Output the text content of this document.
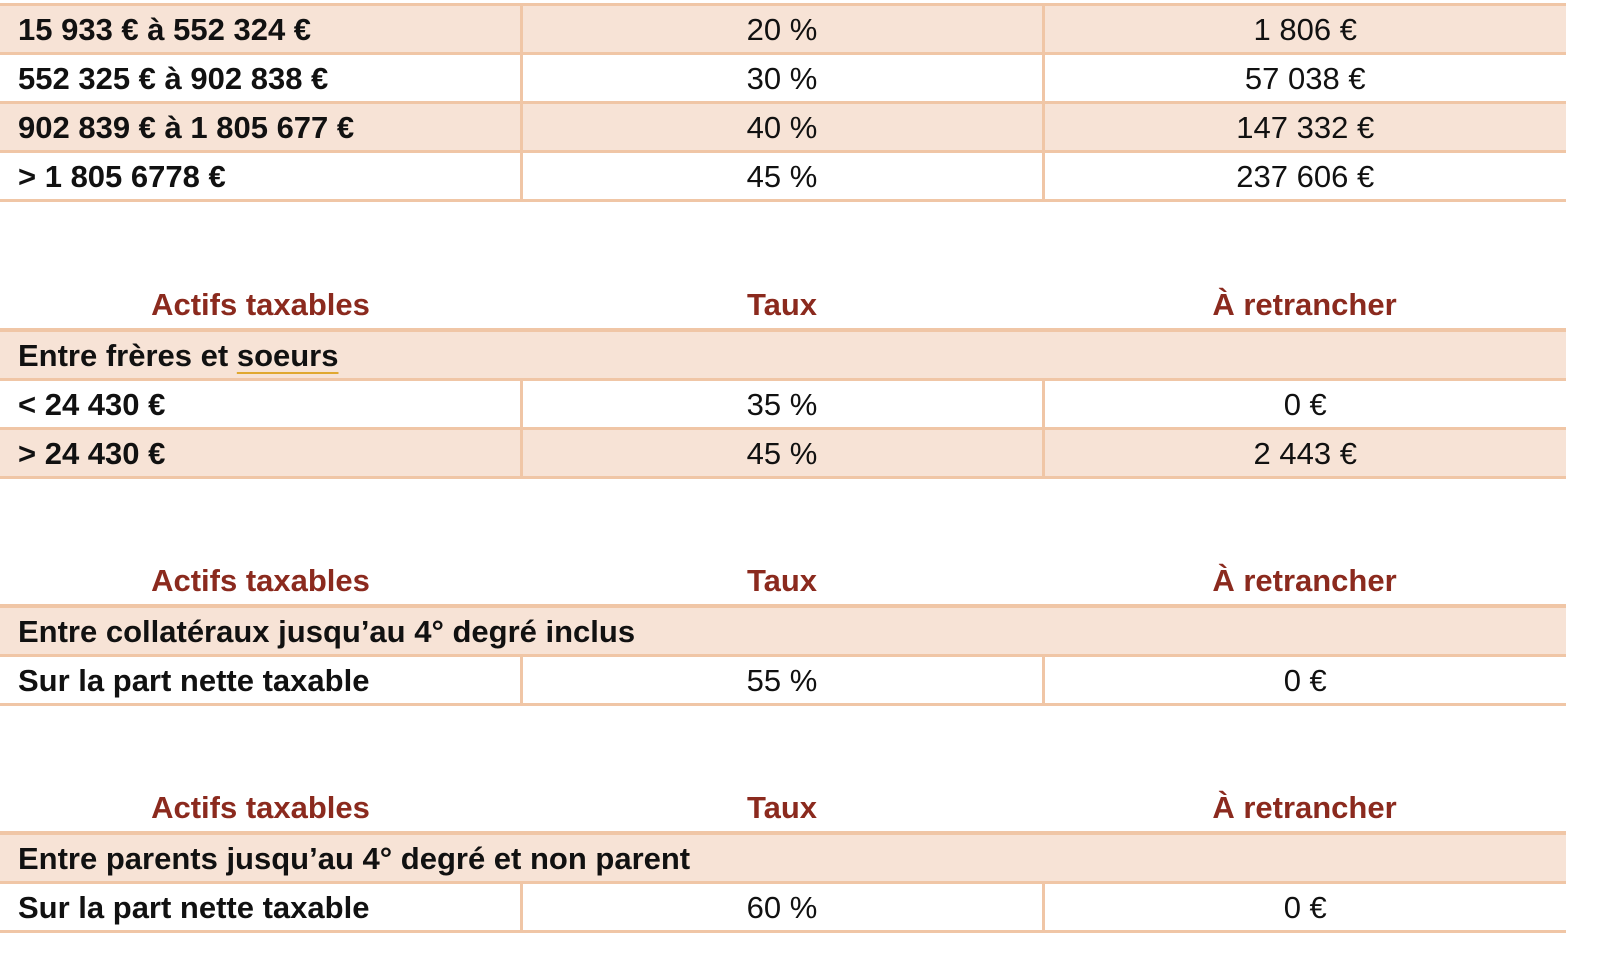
15 933 € à 552 324 €	20 %	1 806 €
552 325 € à 902 838 €	30 %	57 038 €
902 839 € à 1 805 677 €	40 %	147 332 €
> 1 805 6778 €	45 %	237 606 €
Actifs taxables	Taux	À retrancher
Entre frères et soeurs		
< 24 430 €	35 %	0 €
> 24 430 €	45 %	2 443 €
Actifs taxables	Taux	À retrancher
Entre collatéraux jusqu’au 4° degré inclus		
Sur la part nette taxable	55 %	0 €
Actifs taxables	Taux	À retrancher
Entre parents jusqu’au 4° degré et non parent		
Sur la part nette taxable	60 %	0 €
